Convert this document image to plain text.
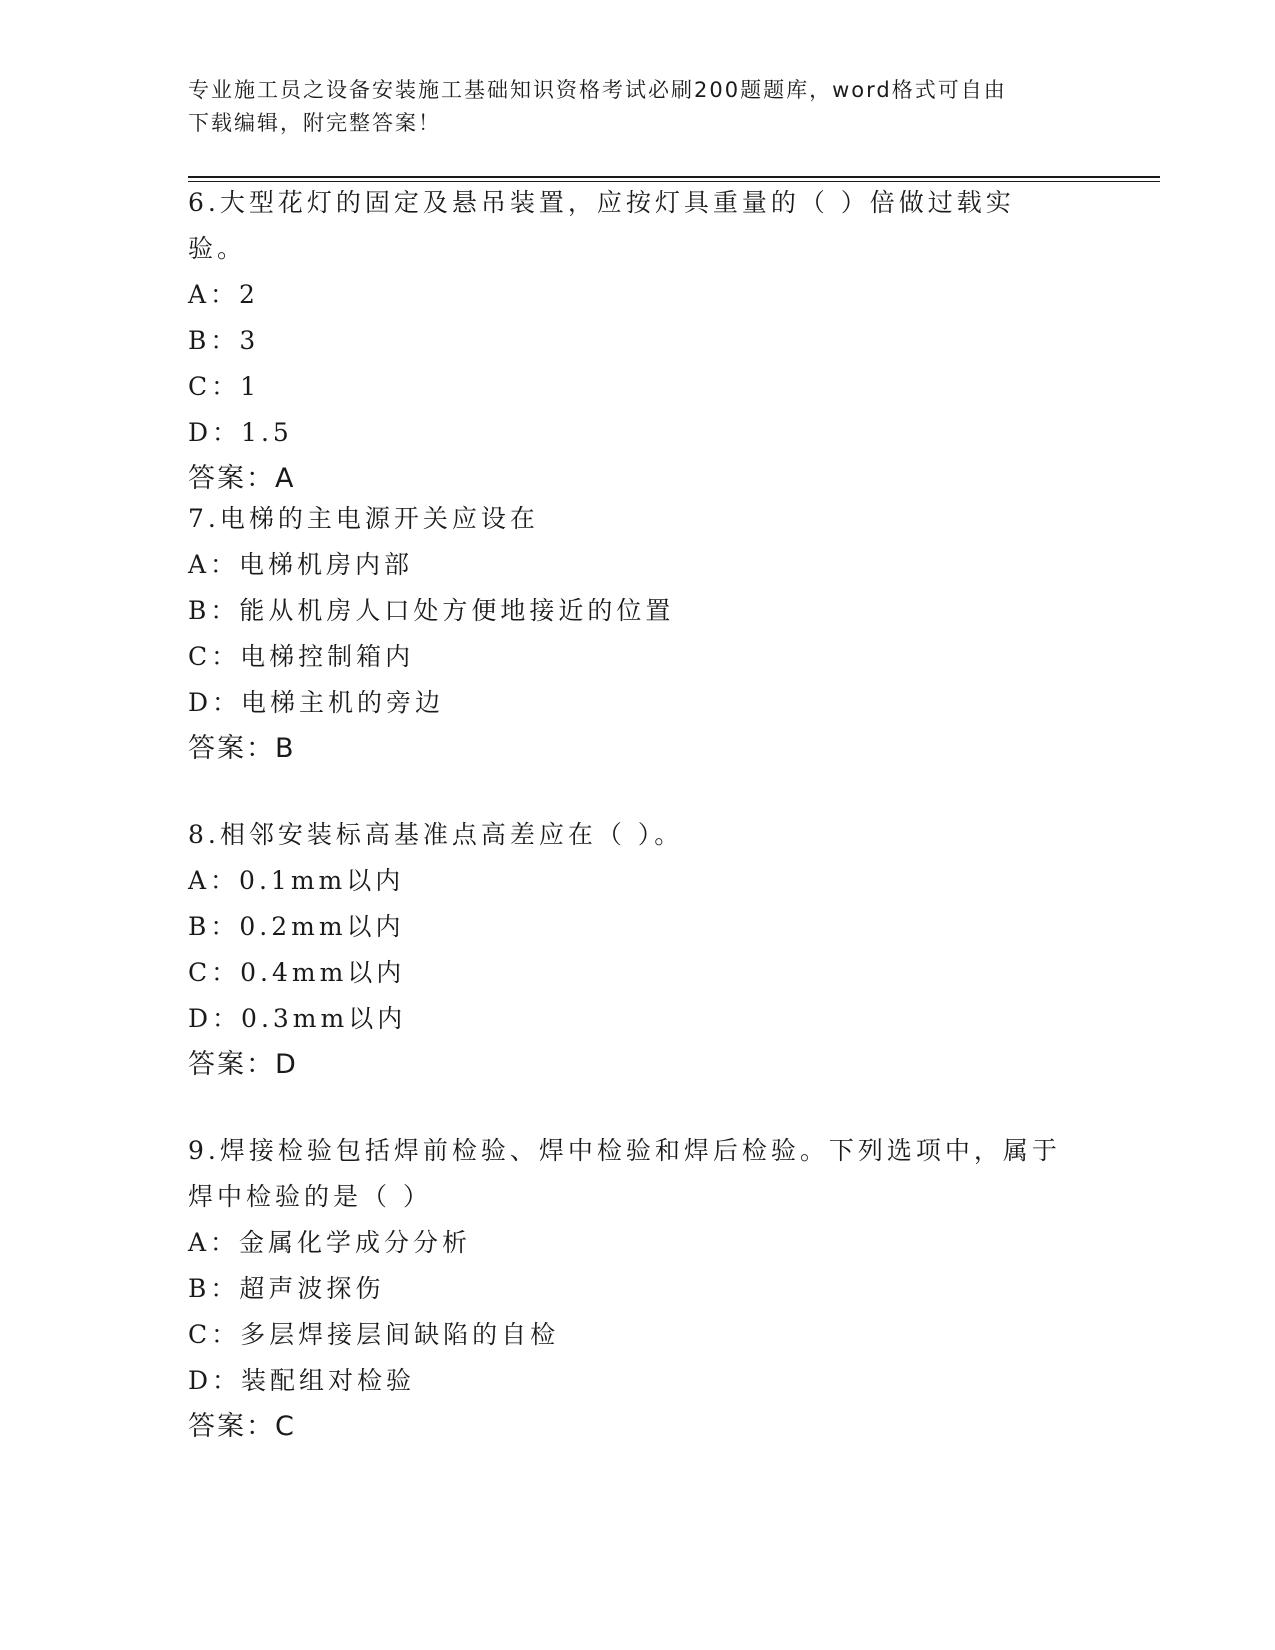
专业施工员之设备安装施工基础知识资格考试必刷200题题库，word格式可自由
下载编辑，附完整答案！
6.大型花灯的固定及悬吊装置，应按灯具重量的（ ）倍做过载实验。
A：2
B：3
C：1
D：1.5
答案：A
7.电梯的主电源开关应设在
A：电梯机房内部
B：能从机房人口处方便地接近的位置
C：电梯控制箱内
D：电梯主机的旁边
答案：B
8.相邻安装标高基准点高差应在（ ）。
A：0.1mm以内
B：0.2mm以内
C：0.4mm以内
D：0.3mm以内
答案：D
9.焊接检验包括焊前检验、焊中检验和焊后检验。下列选项中，属于
焊中检验的是（ ）
A：金属化学成分分析
B：超声波探伤
C：多层焊接层间缺陷的自检
D：装配组对检验
答案：C
